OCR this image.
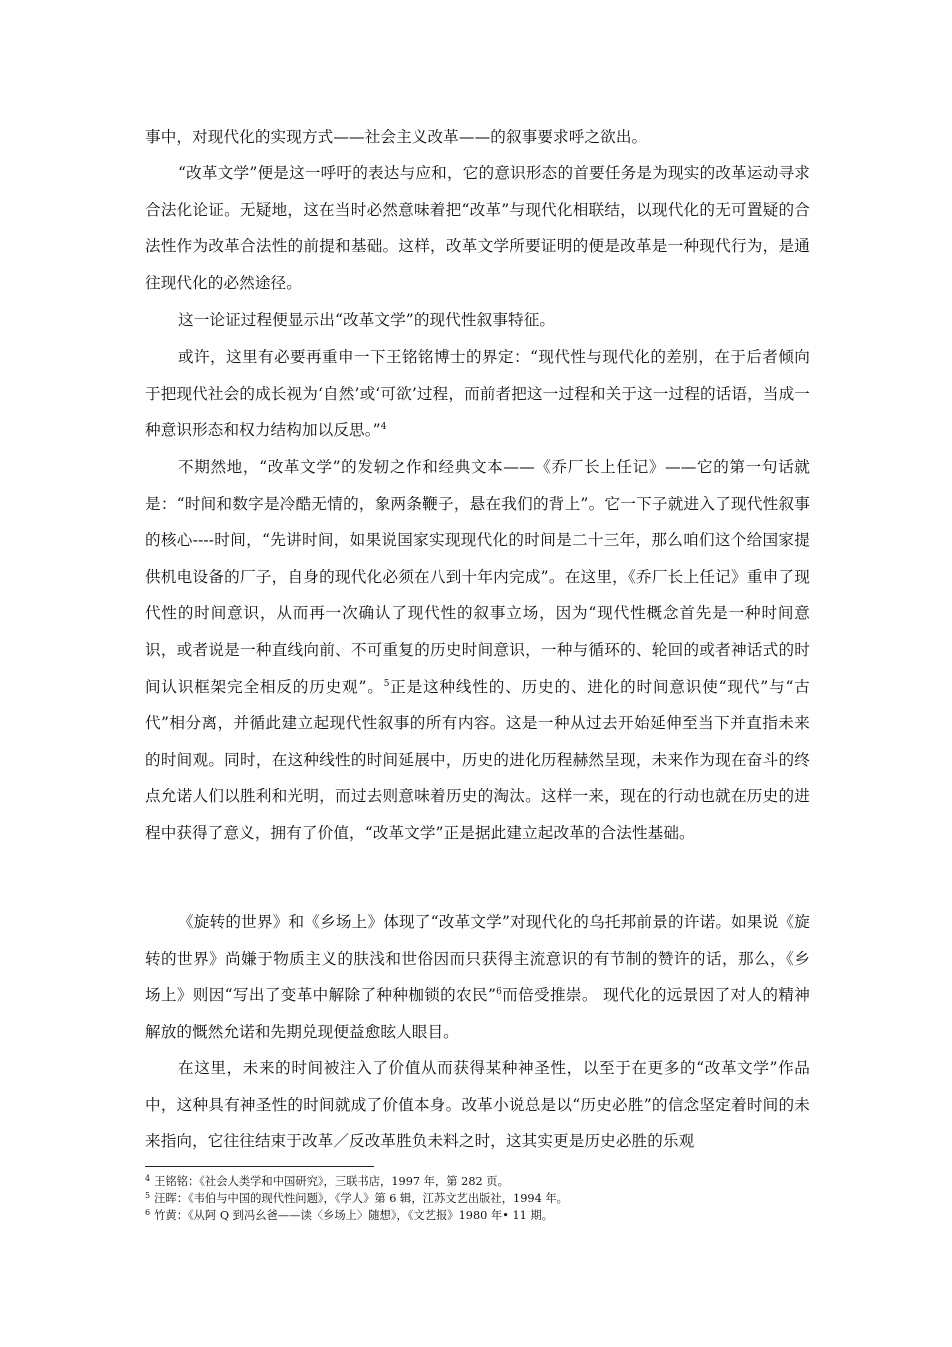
事中，对现代化的实现方式——社会主义改革——的叙事要求呼之欲出。

“改革文学”便是这一呼吁的表达与应和，它的意识形态的首要任务是为现实的改革运动寻求合法化论证。无疑地，这在当时必然意味着把“改革”与现代化相联结，以现代化的无可置疑的合法性作为改革合法性的前提和基础。这样，改革文学所要证明的便是改革是一种现代行为，是通往现代化的必然途径。

这一论证过程便显示出“改革文学”的现代性叙事特征。

或许，这里有必要再重申一下王铭铭博士的界定：“现代性与现代化的差别，在于后者倾向于把现代社会的成长视为‘自然’或‘可欲’过程，而前者把这一过程和关于这一过程的话语，当成一种意识形态和权力结构加以反思。”$^4$

不期然地，“改革文学”的发轫之作和经典文本——《乔厂长上任记》——它的第一句话就是：“时间和数字是冷酷无情的，象两条鞭子，悬在我们的背上”。它一下子就进入了现代性叙事的核心----时间，“先讲时间，如果说国家实现现代化的时间是二十三年，那么咱们这个给国家提供机电设备的厂子，自身的现代化必须在八到十年内完成”。在这里，《乔厂长上任记》重申了现代性的时间意识，从而再一次确认了现代性的叙事立场，因为“现代性概念首先是一种时间意识，或者说是一种直线向前、不可重复的历史时间意识，一种与循环的、轮回的或者神话式的时间认识框架完全相反的历史观”。$^5$正是这种线性的、历史的、进化的时间意识使“现代”与“古代”相分离，并循此建立起现代性叙事的所有内容。这是一种从过去开始延伸至当下并直指未来的时间观。同时，在这种线性的时间延展中，历史的进化历程赫然呈现，未来作为现在奋斗的终点允诺人们以胜利和光明，而过去则意味着历史的淘汰。这样一来，现在的行动也就在历史的进程中获得了意义，拥有了价值，“改革文学”正是据此建立起改革的合法性基础。

《旋转的世界》和《乡场上》体现了“改革文学”对现代化的乌托邦前景的许诺。如果说《旋转的世界》尚嫌于物质主义的肤浅和世俗因而只获得主流意识的有节制的赞许的话，那么，《乡场上》则因“写出了变革中解除了种种枷锁的农民”$^6$而倍受推崇。 现代化的远景因了对人的精神解放的慨然允诺和先期兑现便益愈眩人眼目。

在这里，未来的时间被注入了价值从而获得某种神圣性，以至于在更多的“改革文学”作品中，这种具有神圣性的时间就成了价值本身。改革小说总是以“历史必胜”的信念坚定着时间的未来指向，它往往结束于改革／反改革胜负未料之时，这其实更是历史必胜的乐观

$^4$ 王铭铭：《社会人类学和中国研究》，三联书店，1997 年，第 282 页。

$^5$ 汪晖：《韦伯与中国的现代性问题》，《学人》第 6 辑，江苏文艺出版社，1994 年。

$^6$ 竹黄：《从阿 Q 到冯幺爸——读〈乡场上〉随想》，《文艺报》1980 年• 11 期。
